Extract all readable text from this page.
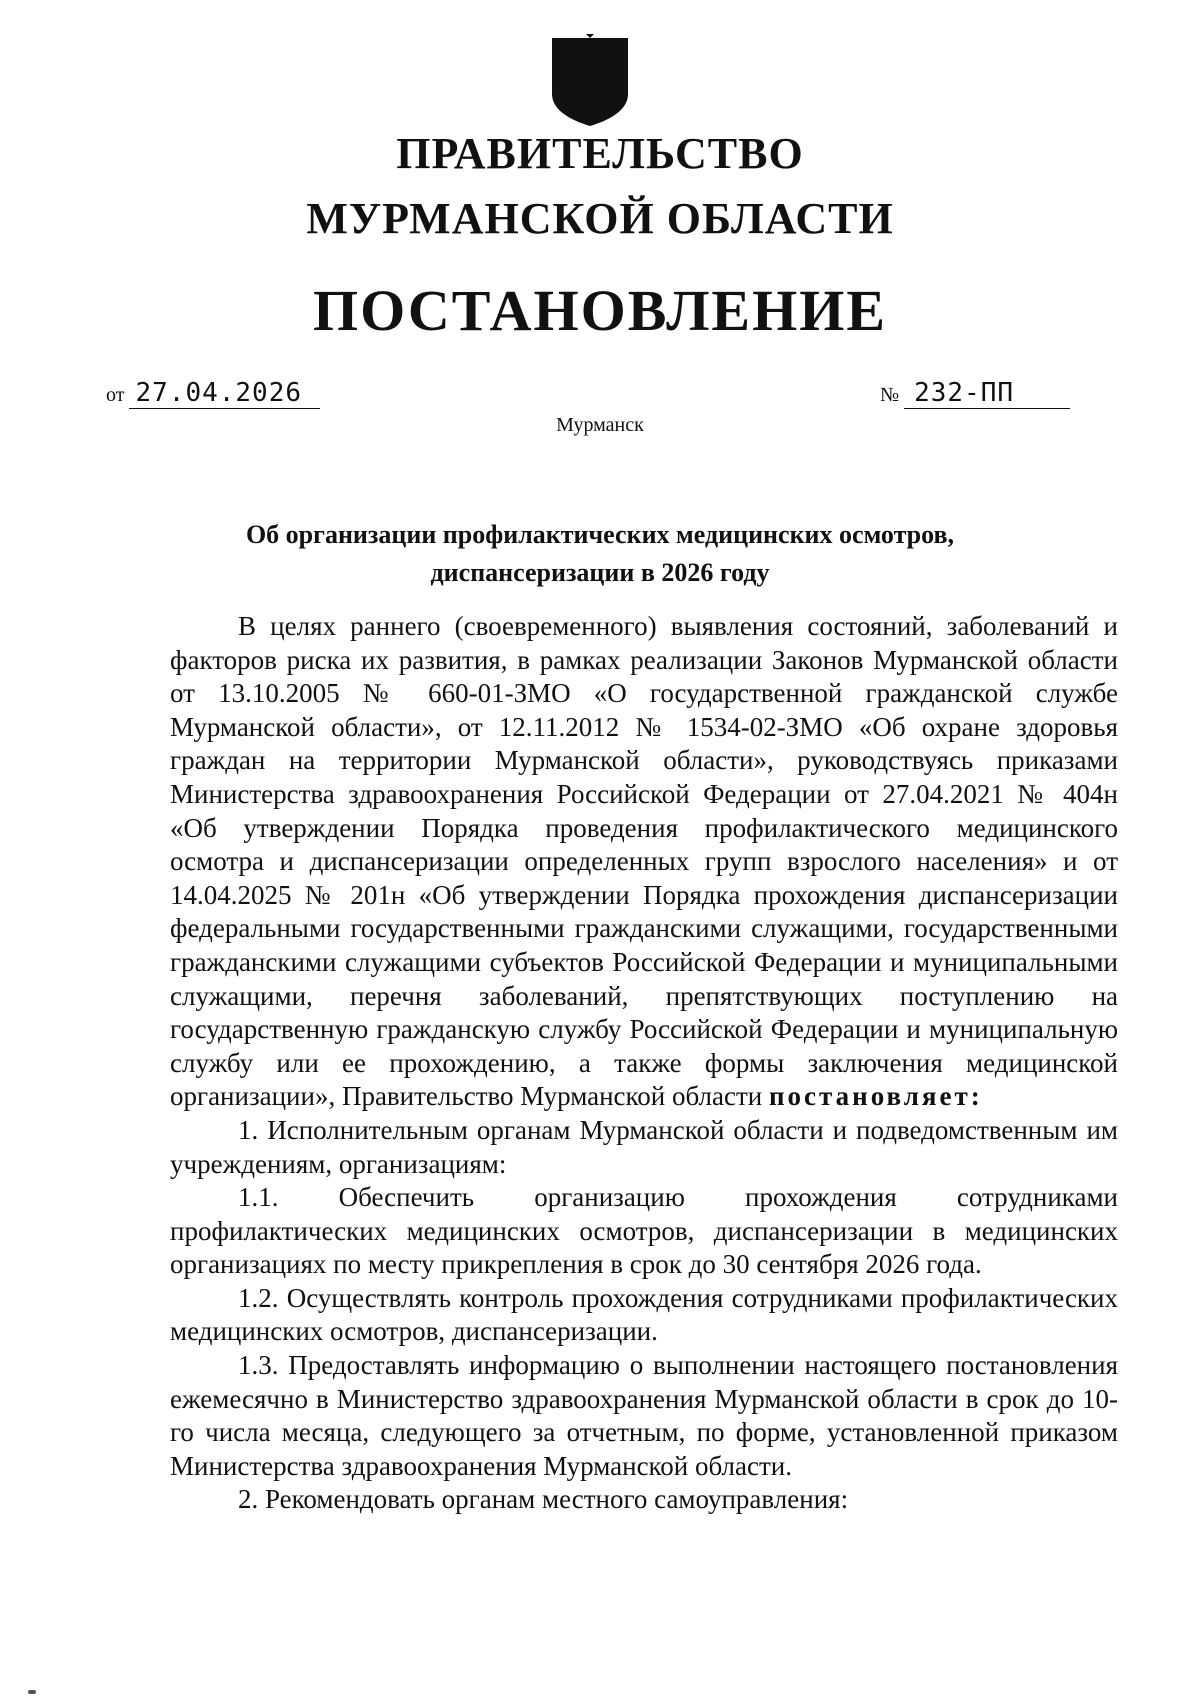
ПРАВИТЕЛЬСТВО
МУРМАНСКОЙ ОБЛАСТИ
ПОСТАНОВЛЕНИЕ
от 27.04.2026	№ 232-ПП
Мурманск
Об организации профилактических медицинских осмотров,
диспансеризации в 2026 году

В целях раннего (своевременного) выявления состояний, заболеваний и факторов риска их развития, в рамках реализации Законов Мурманской области от 13.10.2005 № 660-01-ЗМО «О государственной гражданской службе Мурманской области», от 12.11.2012 № 1534-02-ЗМО «Об охране здоровья граждан на территории Мурманской области», руководствуясь приказами Министерства здравоохранения Российской Федерации от 27.04.2021 № 404н «Об утверждении Порядка проведения профилактического медицинского осмотра и диспансеризации определенных групп взрослого населения» и от 14.04.2025 № 201н «Об утверждении Порядка прохождения диспансеризации федеральными государственными гражданскими служащими, государственными гражданскими служащими субъектов Российской Федерации и муниципальными служащими, перечня заболеваний, препятствующих поступлению на государственную гражданскую службу Российской Федерации и муниципальную службу или ее прохождению, а также формы заключения медицинской организации», Правительство Мурманской области постановляет:

1. Исполнительным органам Мурманской области и подведомственным им учреждениям, организациям:

1.1. Обеспечить организацию прохождения сотрудниками профилактических медицинских осмотров, диспансеризации в медицинских организациях по месту прикрепления в срок до 30 сентября 2026 года.

1.2. Осуществлять контроль прохождения сотрудниками профилактических медицинских осмотров, диспансеризации.

1.3. Предоставлять информацию о выполнении настоящего постановления ежемесячно в Министерство здравоохранения Мурманской области в срок до 10-го числа месяца, следующего за отчетным, по форме, установленной приказом Министерства здравоохранения Мурманской области.

2. Рекомендовать органам местного самоуправления:
